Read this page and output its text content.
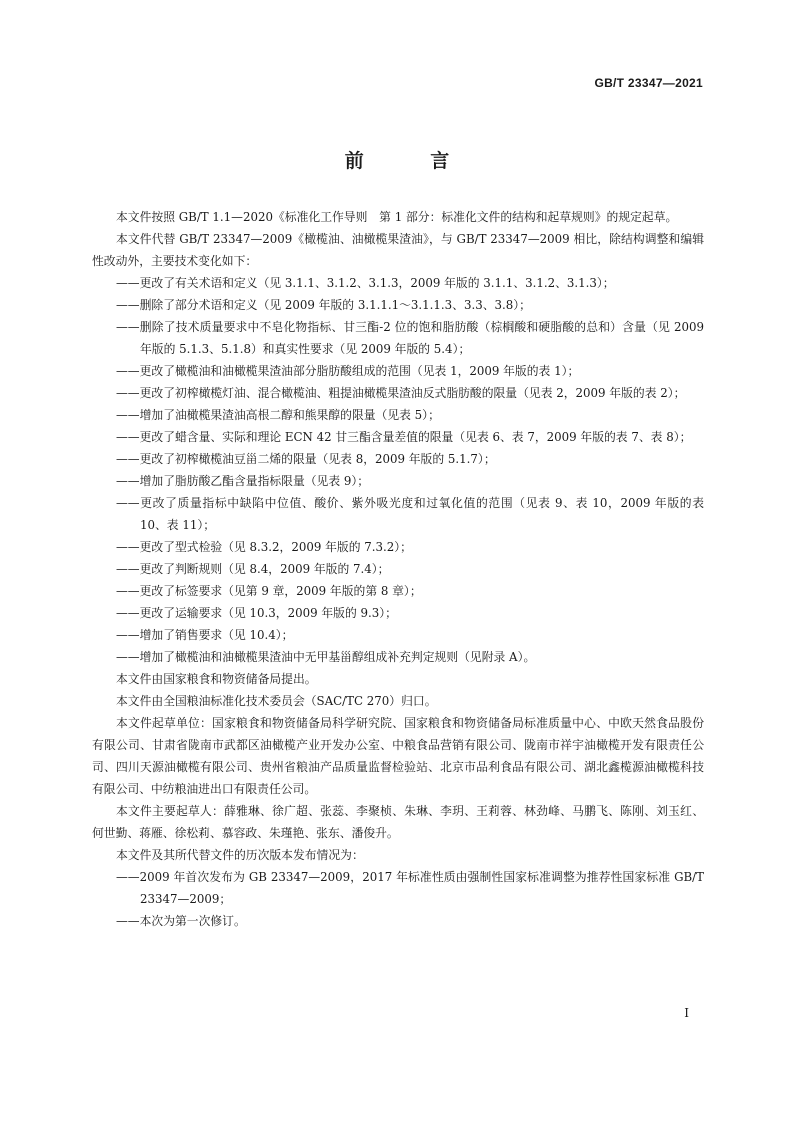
GB/T 23347—2021
前 言

本文件按照 GB/T 1.1—2020《标准化工作导则　第 1 部分：标准化文件的结构和起草规则》的规定起草。

本文件代替 GB/T 23347—2009《橄榄油、油橄榄果渣油》，与 GB/T 23347—2009 相比，除结构调整和编辑性改动外，主要技术变化如下：

——更改了有关术语和定义（见 3.1.1、3.1.2、3.1.3，2009 年版的 3.1.1、3.1.2、3.1.3）；

——删除了部分术语和定义（见 2009 年版的 3.1.1.1～3.1.1.3、3.3、3.8）；

——删除了技术质量要求中不皂化物指标、甘三酯-2 位的饱和脂肪酸（棕榈酸和硬脂酸的总和）含量（见 2009 年版的 5.1.3、5.1.8）和真实性要求（见 2009 年版的 5.4）；

——更改了橄榄油和油橄榄果渣油部分脂肪酸组成的范围（见表 1，2009 年版的表 1）；

——更改了初榨橄榄灯油、混合橄榄油、粗提油橄榄果渣油反式脂肪酸的限量（见表 2，2009 年版的表 2）；

——增加了油橄榄果渣油高根二醇和熊果醇的限量（见表 5）；

——更改了蜡含量、实际和理论 ECN 42 甘三酯含量差值的限量（见表 6、表 7，2009 年版的表 7、表 8）；

——更改了初榨橄榄油豆甾二烯的限量（见表 8，2009 年版的 5.1.7）；

——增加了脂肪酸乙酯含量指标限量（见表 9）；

——更改了质量指标中缺陷中位值、酸价、紫外吸光度和过氧化值的范围（见表 9、表 10，2009 年版的表 10、表 11）；

——更改了型式检验（见 8.3.2，2009 年版的 7.3.2）；

——更改了判断规则（见 8.4，2009 年版的 7.4）；

——更改了标签要求（见第 9 章，2009 年版的第 8 章）；

——更改了运输要求（见 10.3，2009 年版的 9.3）；

——增加了销售要求（见 10.4）；

——增加了橄榄油和油橄榄果渣油中无甲基甾醇组成补充判定规则（见附录 A）。

本文件由国家粮食和物资储备局提出。

本文件由全国粮油标准化技术委员会（SAC/TC 270）归口。

本文件起草单位：国家粮食和物资储备局科学研究院、国家粮食和物资储备局标准质量中心、中欧天然食品股份有限公司、甘肃省陇南市武都区油橄榄产业开发办公室、中粮食品营销有限公司、陇南市祥宇油橄榄开发有限责任公司、四川天源油橄榄有限公司、贵州省粮油产品质量监督检验站、北京市品利食品有限公司、湖北鑫榄源油橄榄科技有限公司、中纺粮油进出口有限责任公司。

本文件主要起草人：薛雅琳、徐广超、张蕊、李聚桢、朱琳、李玥、王莉蓉、林劲峰、马鹏飞、陈刚、刘玉红、何世勤、蒋雁、徐松莉、慕容政、朱瑾艳、张东、潘俊升。

本文件及其所代替文件的历次版本发布情况为：

——2009 年首次发布为 GB 23347—2009，2017 年标准性质由强制性国家标准调整为推荐性国家标准 GB/T 23347—2009；

——本次为第一次修订。

I
